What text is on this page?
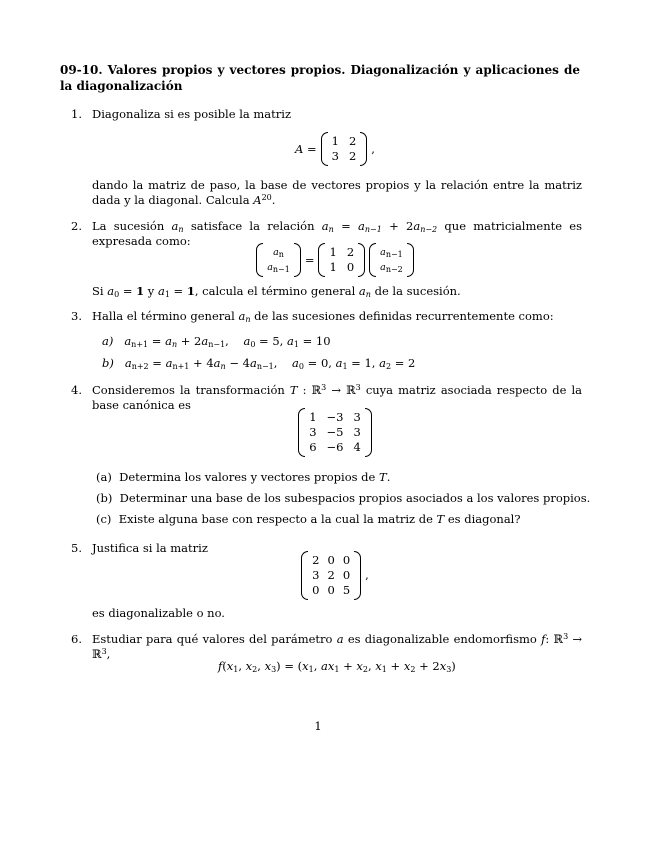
09-10. Valores propios y vectores propios. Diagonalización y aplicaciones de la diagonalización
1. Diagonaliza si es posible la matriz
A =
1 2
3 2
,
dando la matriz de paso, la base de vectores propios y la relación entre la matriz dada y la diagonal. Calcula $A^{20}$.
2. La sucesión $a_n$ satisface la relación $a_n = a_{n-1} + 2a_{n-2}$ que matricialmente es expresada como:
$a_n$
$a_{n-1}$
=
1 2
1 0
$a_{n-1}$
$a_{n-2}$
Si $a_0 = 1$ y $a_1 = 1$, calcula el término general $a_n$ de la sucesión.
3. Halla el término general $a_n$ de las sucesiones definidas recurrentemente como:
a) $a_{n+1} = a_n + 2a_{n-1}$,    $a_0 = 5$, $a_1 = 10$
b) $a_{n+2} = a_{n+1} + 4a_n - 4a_{n-1}$,    $a_0 = 0$, $a_1 = 1$, $a_2 = 2$
4. Consideremos la transformación T : ℝ$^3$ → ℝ$^3$ cuya matriz asociada respecto de la base canónica es
1 −3 3
3 −5 3
6 −6 4
(a) Determina los valores y vectores propios de T.
(b) Determinar una base de los subespacios propios asociados a los valores propios.
(c) Existe alguna base con respecto a la cual la matriz de T es diagonal?
5. Justifica si la matriz
2 0 0
3 2 0
0 0 5
,
es diagonalizable o no.
6. Estudiar para qué valores del parámetro a es diagonalizable endomorfismo f: ℝ$^3$ → ℝ$^3$,
$f(x_1$, $x_2$, $x_3) = (x_1$, $ax_1 + x_2$, $x_1 + x_2 + 2x_3$)
1
